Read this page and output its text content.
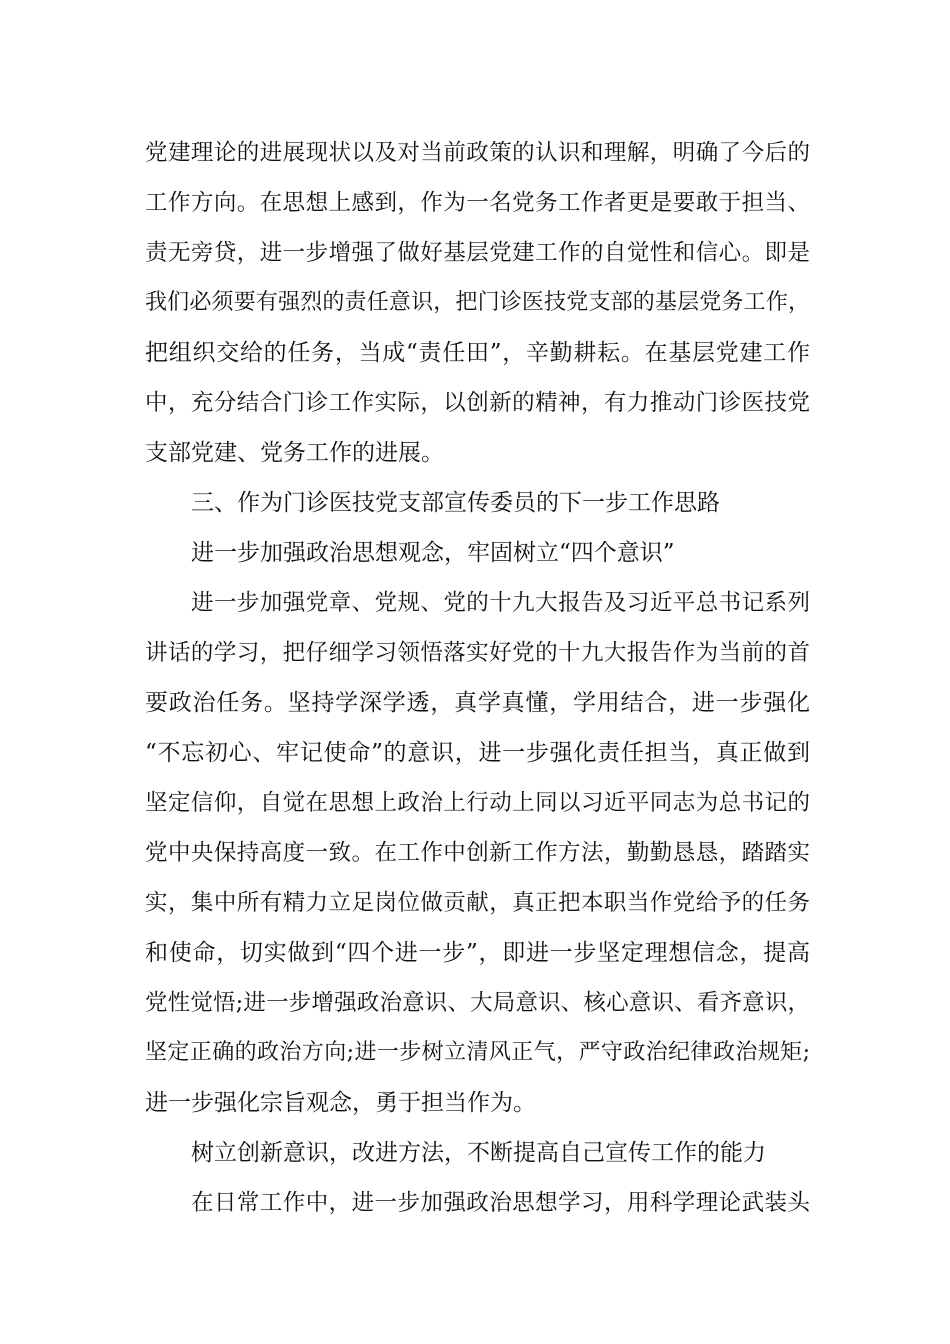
党建理论的进展现状以及对当前政策的认识和理解，明确了今后的
工作方向。在思想上感到，作为一名党务工作者更是要敢于担当、
责无旁贷，进一步增强了做好基层党建工作的自觉性和信心。即是
我们必须要有强烈的责任意识，把门诊医技党支部的基层党务工作，
把组织交给的任务，当成“责任田”，辛勤耕耘。在基层党建工作
中，充分结合门诊工作实际，以创新的精神，有力推动门诊医技党
支部党建、党务工作的进展。
三、作为门诊医技党支部宣传委员的下一步工作思路
进一步加强政治思想观念，牢固树立“四个意识”
进一步加强党章、党规、党的十九大报告及习近平总书记系列
讲话的学习，把仔细学习领悟落实好党的十九大报告作为当前的首
要政治任务。坚持学深学透，真学真懂，学用结合，进一步强化
“不忘初心、牢记使命”的意识，进一步强化责任担当，真正做到
坚定信仰，自觉在思想上政治上行动上同以习近平同志为总书记的
党中央保持高度一致。在工作中创新工作方法，勤勤恳恳，踏踏实
实，集中所有精力立足岗位做贡献，真正把本职当作党给予的任务
和使命，切实做到“四个进一步”，即进一步坚定理想信念，提高
党性觉悟;进一步增强政治意识、大局意识、核心意识、看齐意识，
坚定正确的政治方向;进一步树立清风正气，严守政治纪律政治规矩;
进一步强化宗旨观念，勇于担当作为。
树立创新意识，改进方法，不断提高自己宣传工作的能力
在日常工作中，进一步加强政治思想学习，用科学理论武装头
